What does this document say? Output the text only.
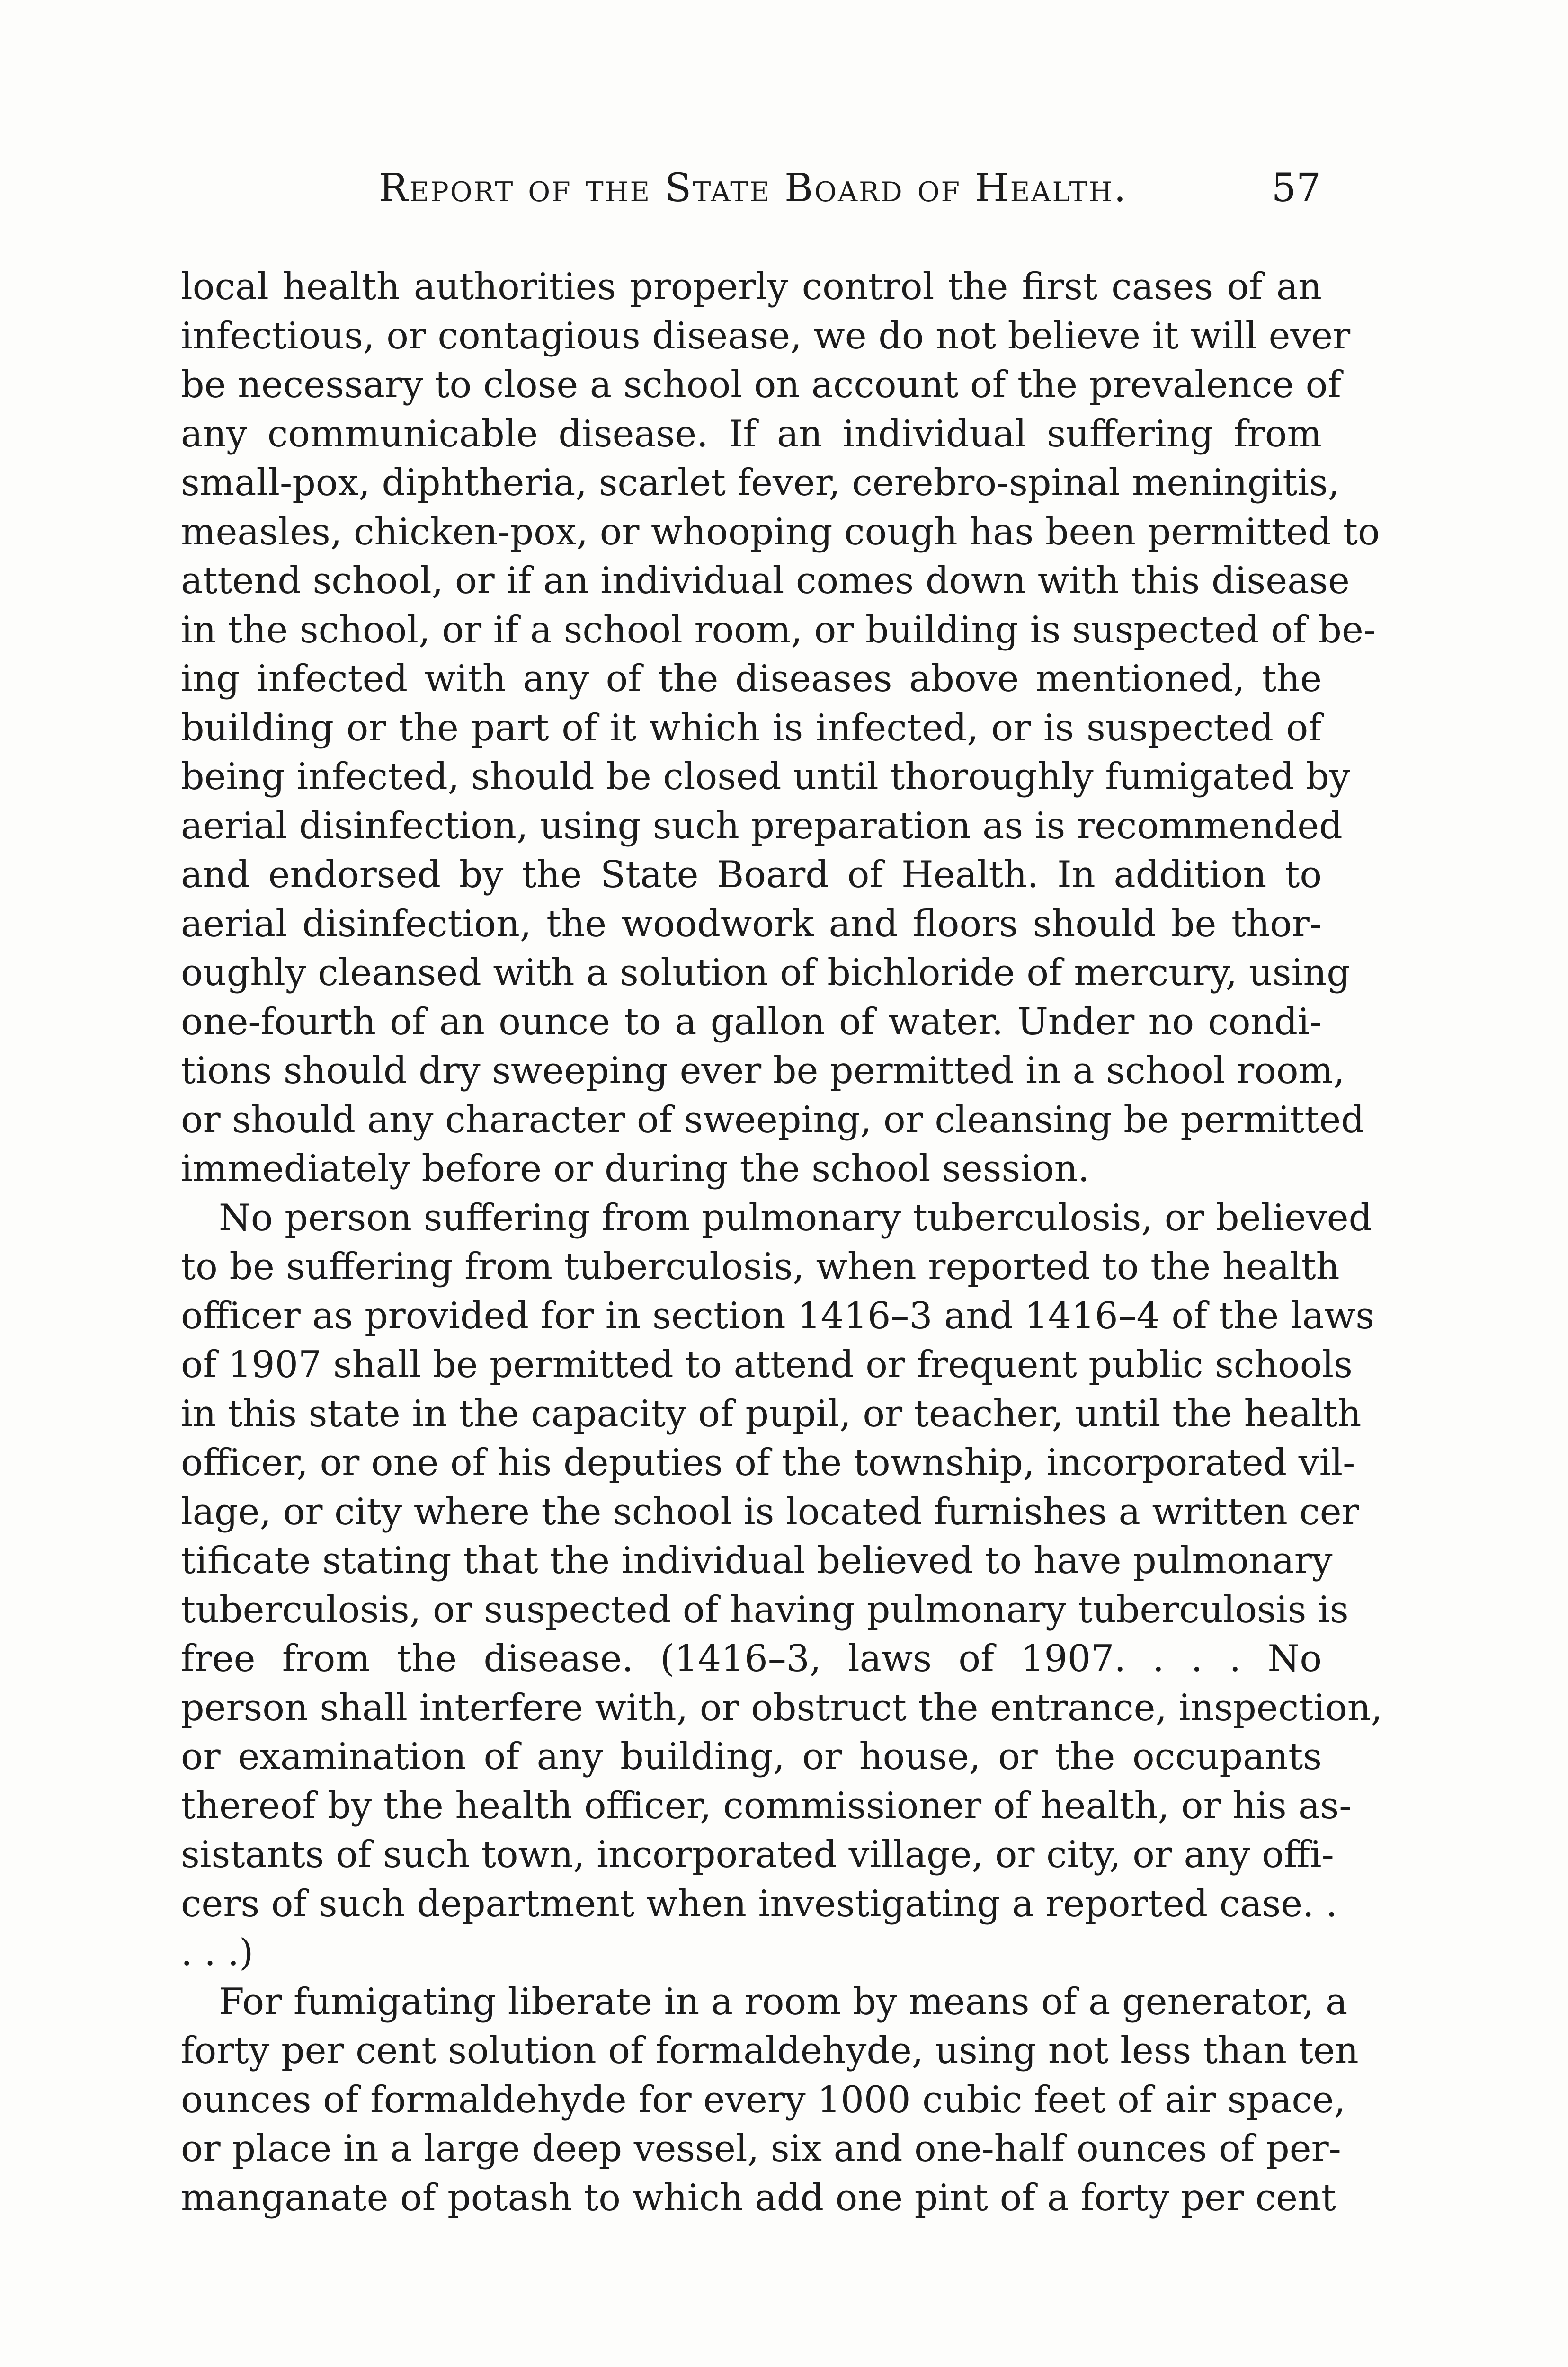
Report of the State Board of Health.	57
local health authorities properly control the first cases of an
infectious, or contagious disease, we do not believe it will ever
be necessary to close a school on account of the prevalence of
any communicable disease. If an individual suffering from
small-pox, diphtheria, scarlet fever, cerebro-spinal meningitis,
measles, chicken-pox, or whooping cough has been permitted to
attend school, or if an individual comes down with this disease
in the school, or if a school room, or building is suspected of be-
ing infected with any of the diseases above mentioned, the
building or the part of it which is infected, or is suspected of
being infected, should be closed until thoroughly fumigated by
aerial disinfection, using such preparation as is recommended
and endorsed by the State Board of Health. In addition to
aerial disinfection, the woodwork and floors should be thor-
oughly cleansed with a solution of bichloride of mercury, using
one-fourth of an ounce to a gallon of water. Under no condi-
tions should dry sweeping ever be permitted in a school room,
or should any character of sweeping, or cleansing be permitted
immediately before or during the school session.
No person suffering from pulmonary tuberculosis, or believed
to be suffering from tuberculosis, when reported to the health
officer as provided for in section 1416–3 and 1416–4 of the laws
of 1907 shall be permitted to attend or frequent public schools
in this state in the capacity of pupil, or teacher, until the health
officer, or one of his deputies of the township, incorporated vil-
lage, or city where the school is located furnishes a written cer
tificate stating that the individual believed to have pulmonary
tuberculosis, or suspected of having pulmonary tuberculosis is
free from the disease. (1416–3, laws of 1907. . . . No
person shall interfere with, or obstruct the entrance, inspection,
or examination of any building, or house, or the occupants
thereof by the health officer, commissioner of health, or his as-
sistants of such town, incorporated village, or city, or any offi-
cers of such department when investigating a reported case. .
. . .)
For fumigating liberate in a room by means of a generator, a
forty per cent solution of formaldehyde, using not less than ten
ounces of formaldehyde for every 1000 cubic feet of air space,
or place in a large deep vessel, six and one-half ounces of per-
manganate of potash to which add one pint of a forty per cent
